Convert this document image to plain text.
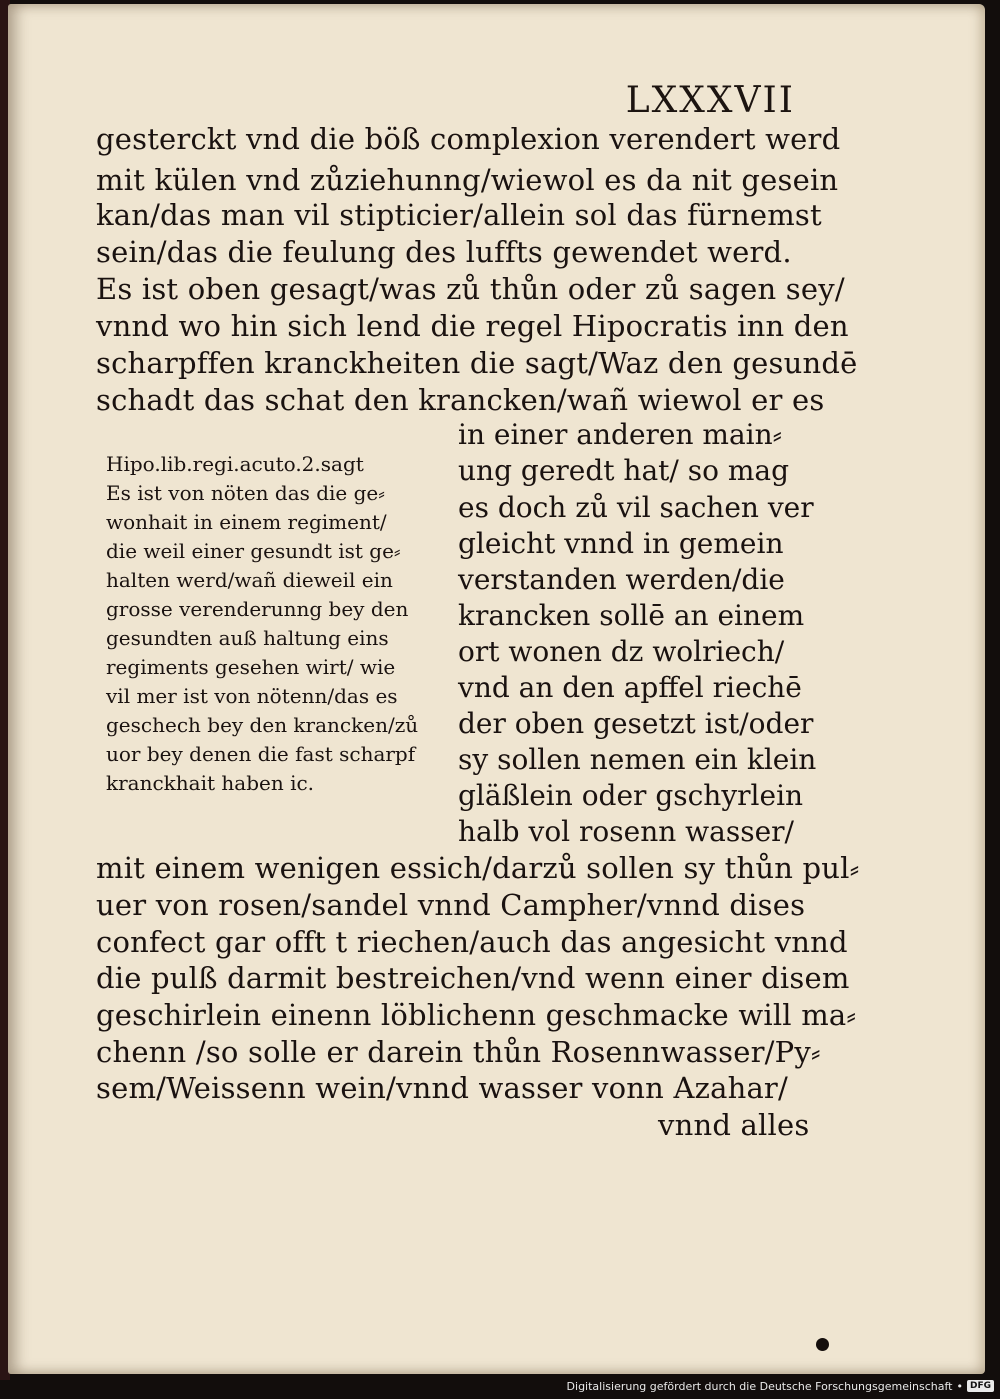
LXXXVII
gesterckt vnd die böß complexion verendert werd
mit külen vnd zůziehunng/wiewol es da nit gesein
kan/das man vil stipticier/allein sol das fürnemst
sein/das die feulung des luffts gewendet werd.
Es ist oben gesagt/was zů thůn oder zů sagen sey/
vnnd wo hin sich lend die regel Hipocratis inn den
scharpffen kranckheiten die sagt/Waz den gesundē
schadt das schat den krancken/wañ wiewol er es
in einer anderen main⸗
ung geredt hat/ so mag
es doch zů vil sachen ver
gleicht vnnd in gemein
verstanden werden/die
krancken sollē an einem
ort wonen dz wolriech/
vnd an den apffel riechē
der oben gesetzt ist/oder
sy sollen nemen ein klein
gläßlein oder gschyrlein
halb vol rosenn wasser/
Hipo.lib.regi.acuto.2.sagt
Es ist von nöten das die ge⸗
wonhait in einem regiment/
die weil einer gesundt ist ge⸗
halten werd/wañ dieweil ein
grosse verenderunng bey den
gesundten auß haltung eins
regiments gesehen wirt/ wie
vil mer ist von nötenn/das es
geschech bey den krancken/zů
uor bey denen die fast scharpf
kranckhait haben ic.
mit einem wenigen essich/darzů sollen sy thůn pul⸗
uer von rosen/sandel vnnd Campher/vnnd dises
confect gar offt t riechen/auch das angesicht vnnd
die pulß darmit bestreichen/vnd wenn einer disem
geschirlein einenn löblichenn geschmacke will ma⸗
chenn /so solle er darein thůn Rosennwasser/Py⸗
sem/Weissenn wein/vnnd wasser vonn Azahar/
vnnd alles
Digitalisierung gefördert durch die Deutsche Forschungsgemeinschaft • DFG
